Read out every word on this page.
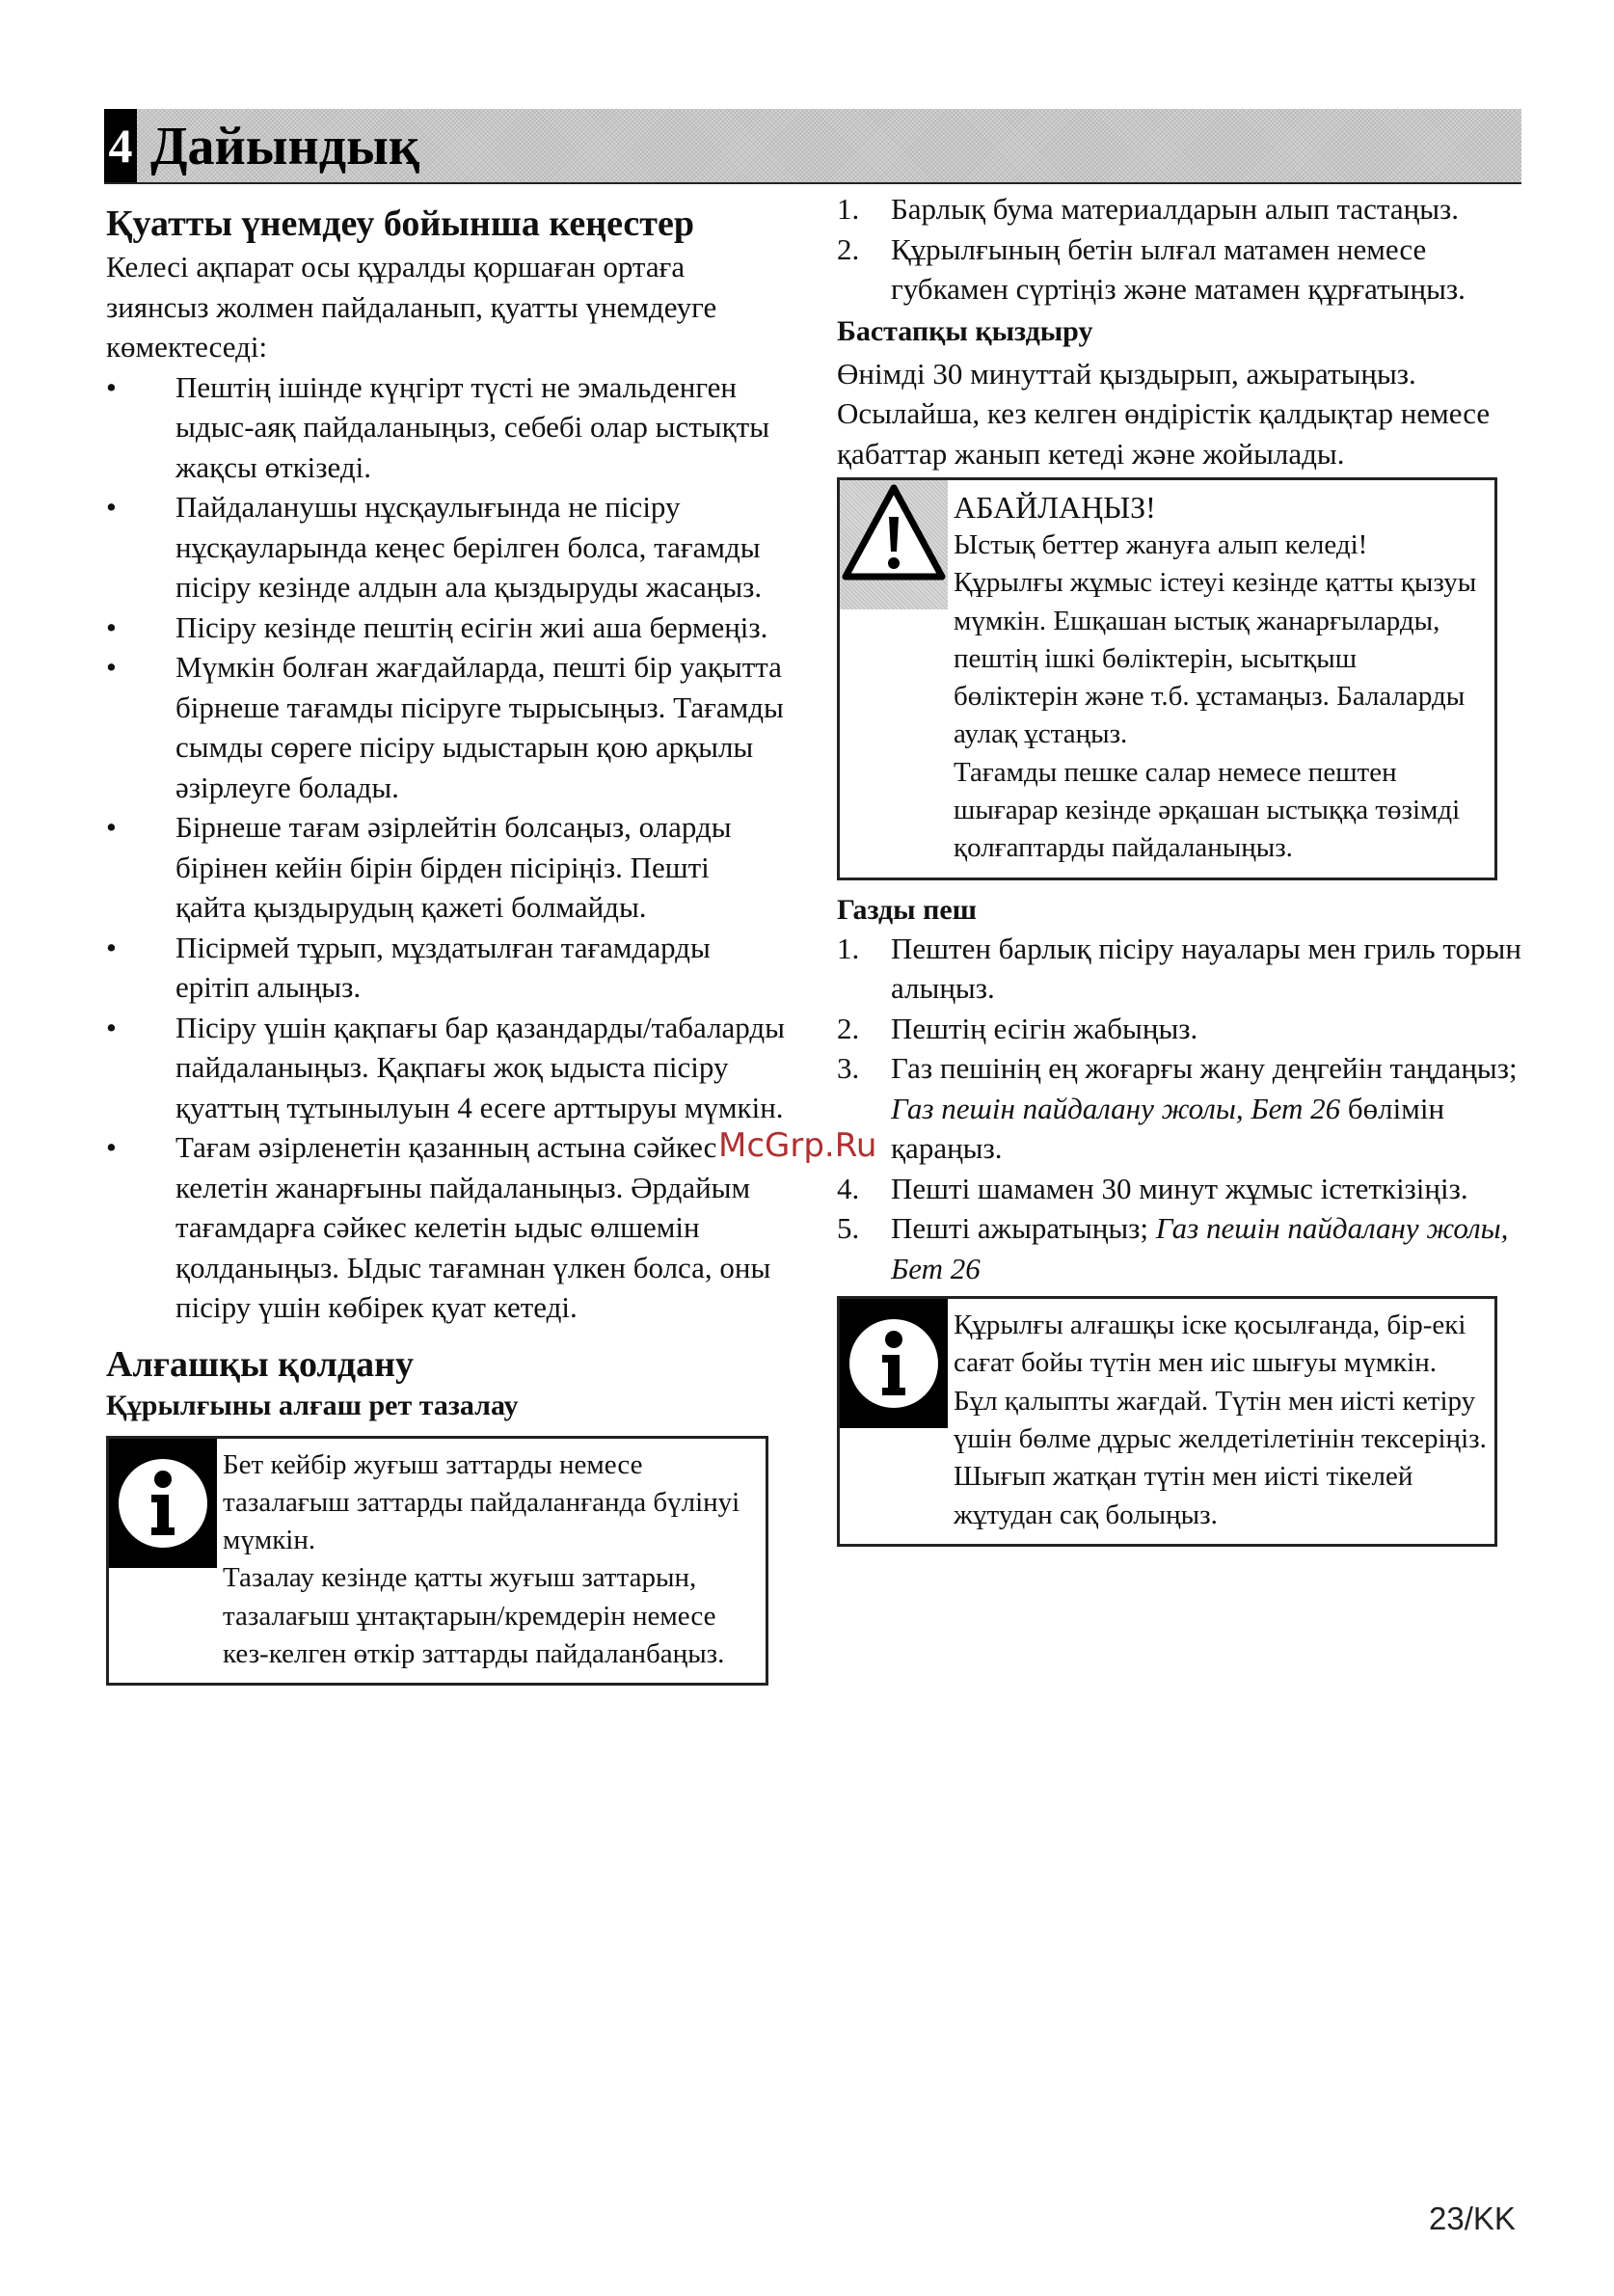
4 Дайындық
Қуатты үнемдеу бойынша кеңестер

Келесі ақпарат осы құралды қоршаған ортаға зиянсыз жолмен пайдаланып, қуатты үнемдеуге көмектеседі:

• Пештің ішінде күңгірт түсті не эмальденген ыдыс-аяқ пайдаланыңыз, себебі олар ыстықты жақсы өткізеді.
• Пайдаланушы нұсқаулығында не пісіру нұсқауларында кеңес берілген болса, тағамды пісіру кезінде алдын ала қыздыруды жасаңыз.
• Пісіру кезінде пештің есігін жиі аша бермеңіз.
• Мүмкін болған жағдайларда, пешті бір уақытта бірнеше тағамды пісіруге тырысыңыз. Тағамды сымды сөреге пісіру ыдыстарын қою арқылы әзірлеуге болады.
• Бірнеше тағам әзірлейтін болсаңыз, оларды бірінен кейін бірін бірден пісіріңіз. Пешті қайта қыздырудың қажеті болмайды.
• Пісірмей тұрып, мұздатылған тағамдарды ерітіп алыңыз.
• Пісіру үшін қақпағы бар қазандарды/табаларды пайдаланыңыз. Қақпағы жоқ ыдыста пісіру қуаттың тұтынылуын 4 есеге арттыруы мүмкін.
• Тағам әзірленетін қазанның астына сәйкес келетін жанарғыны пайдаланыңыз. Әрдайым тағамдарға сәйкес келетін ыдыс өлшемін қолданыңыз. Ыдыс тағамнан үлкен болса, оны пісіру үшін көбірек қуат кетеді.
Алғашқы қолдану
Құрылғыны алғаш рет тазалау
Бет кейбір жуғыш заттарды немесе тазалағыш заттарды пайдаланғанда бүлінуі мүмкін.
Тазалау кезінде қатты жуғыш заттарын, тазалағыш ұнтақтарын/кремдерін немесе кез-келген өткір заттарды пайдаланбаңыз.
1. Барлық бума материалдарын алып тастаңыз.
2. Құрылғының бетін ылғал матамен немесе губкамен сүртіңіз және матамен құрғатыңыз.
Бастапқы қыздыру

Өнімді 30 минуттай қыздырып, ажыратыңыз. Осылайша, кез келген өндірістік қалдықтар немесе қабаттар жанып кетеді және жойылады.

АБАЙЛАҢЫЗ!
Ыстық беттер жануға алып келеді!
Құрылғы жұмыс істеуі кезінде қатты қызуы мүмкін. Ешқашан ыстық жанарғыларды, пештің ішкі бөліктерін, ысытқыш бөліктерін және т.б. ұстамаңыз. Балаларды аулақ ұстаңыз.
Тағамды пешке салар немесе пештен шығарар кезінде әрқашан ыстыққа төзімді қолғаптарды пайдаланыңыз.
Газды пеш
1. Пештен барлық пісіру науалары мен гриль торын алыңыз.
2. Пештің есігін жабыңыз.
3. Газ пешінің ең жоғарғы жану деңгейін таңдаңыз; Газ пешін пайдалану жолы, Бет 26 бөлімін қараңыз.
4. Пешті шамамен 30 минут жұмыс істеткізіңіз.
5. Пешті ажыратыңыз; Газ пешін пайдалану жолы, Бет 26
Құрылғы алғашқы іске қосылғанда, бір-екі сағат бойы түтін мен иіс шығуы мүмкін. Бұл қалыпты жағдай. Түтін мен иісті кетіру үшін бөлме дұрыс желдетілетінін тексеріңіз. Шығып жатқан түтін мен иісті тікелей жұтудан сақ болыңыз.
McGrp.Ru
23/KK
